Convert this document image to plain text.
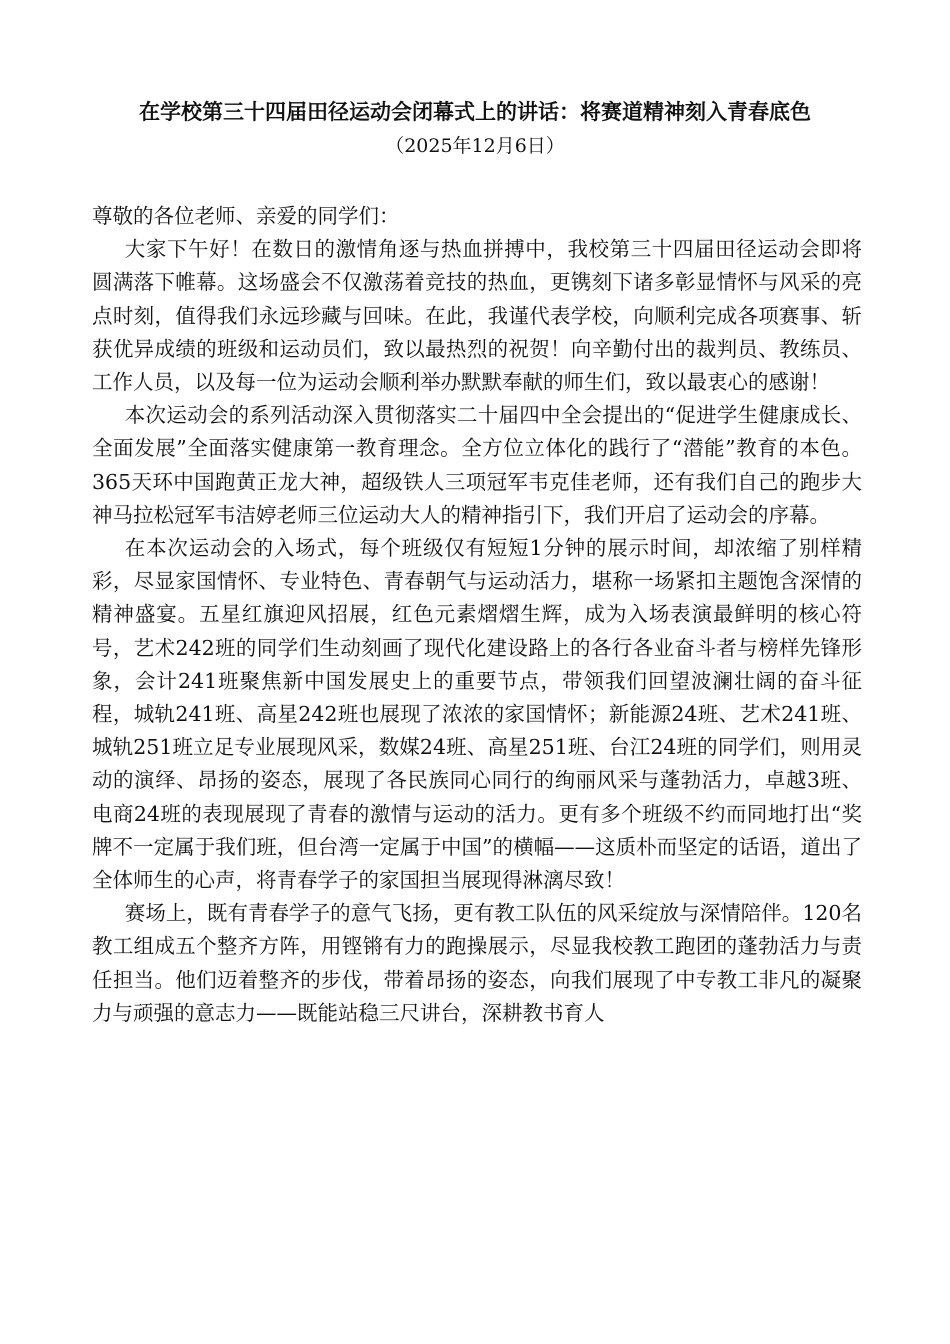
在学校第三十四届田径运动会闭幕式上的讲话：将赛道精神刻入青春底色
（2025年12月6日）

尊敬的各位老师、亲爱的同学们：

大家下午好！在数日的激情角逐与热血拼搏中，我校第三十四届田径运动会即将圆满落下帷幕。这场盛会不仅激荡着竞技的热血，更镌刻下诸多彰显情怀与风采的亮点时刻，值得我们永远珍藏与回味。在此，我谨代表学校，向顺利完成各项赛事、斩获优异成绩的班级和运动员们，致以最热烈的祝贺！向辛勤付出的裁判员、教练员、工作人员，以及每一位为运动会顺利举办默默奉献的师生们，致以最衷心的感谢！

本次运动会的系列活动深入贯彻落实二十届四中全会提出的“促进学生健康成长、全面发展”全面落实健康第一教育理念。全方位立体化的践行了“潜能”教育的本色。365天环中国跑黄正龙大神，超级铁人三项冠军韦克佳老师，还有我们自己的跑步大神马拉松冠军韦洁婷老师三位运动大人的精神指引下，我们开启了运动会的序幕。

在本次运动会的入场式，每个班级仅有短短1分钟的展示时间，却浓缩了别样精彩，尽显家国情怀、专业特色、青春朝气与运动活力，堪称一场紧扣主题饱含深情的精神盛宴。五星红旗迎风招展，红色元素熠熠生辉，成为入场表演最鲜明的核心符号，艺术242班的同学们生动刻画了现代化建设路上的各行各业奋斗者与榜样先锋形象，会计241班聚焦新中国发展史上的重要节点，带领我们回望波澜壮阔的奋斗征程，城轨241班、高星242班也展现了浓浓的家国情怀；新能源24班、艺术241班、城轨251班立足专业展现风采，数媒24班、高星251班、台江24班的同学们，则用灵动的演绎、昂扬的姿态，展现了各民族同心同行的绚丽风采与蓬勃活力，卓越3班、电商24班的表现展现了青春的激情与运动的活力。更有多个班级不约而同地打出“奖牌不一定属于我们班，但台湾一定属于中国”的横幅——这质朴而坚定的话语，道出了全体师生的心声，将青春学子的家国担当展现得淋漓尽致！

赛场上，既有青春学子的意气飞扬，更有教工队伍的风采绽放与深情陪伴。120名教工组成五个整齐方阵，用铿锵有力的跑操展示，尽显我校教工跑团的蓬勃活力与责任担当。他们迈着整齐的步伐，带着昂扬的姿态，向我们展现了中专教工非凡的凝聚力与顽强的意志力——既能站稳三尺讲台，深耕教书育人
